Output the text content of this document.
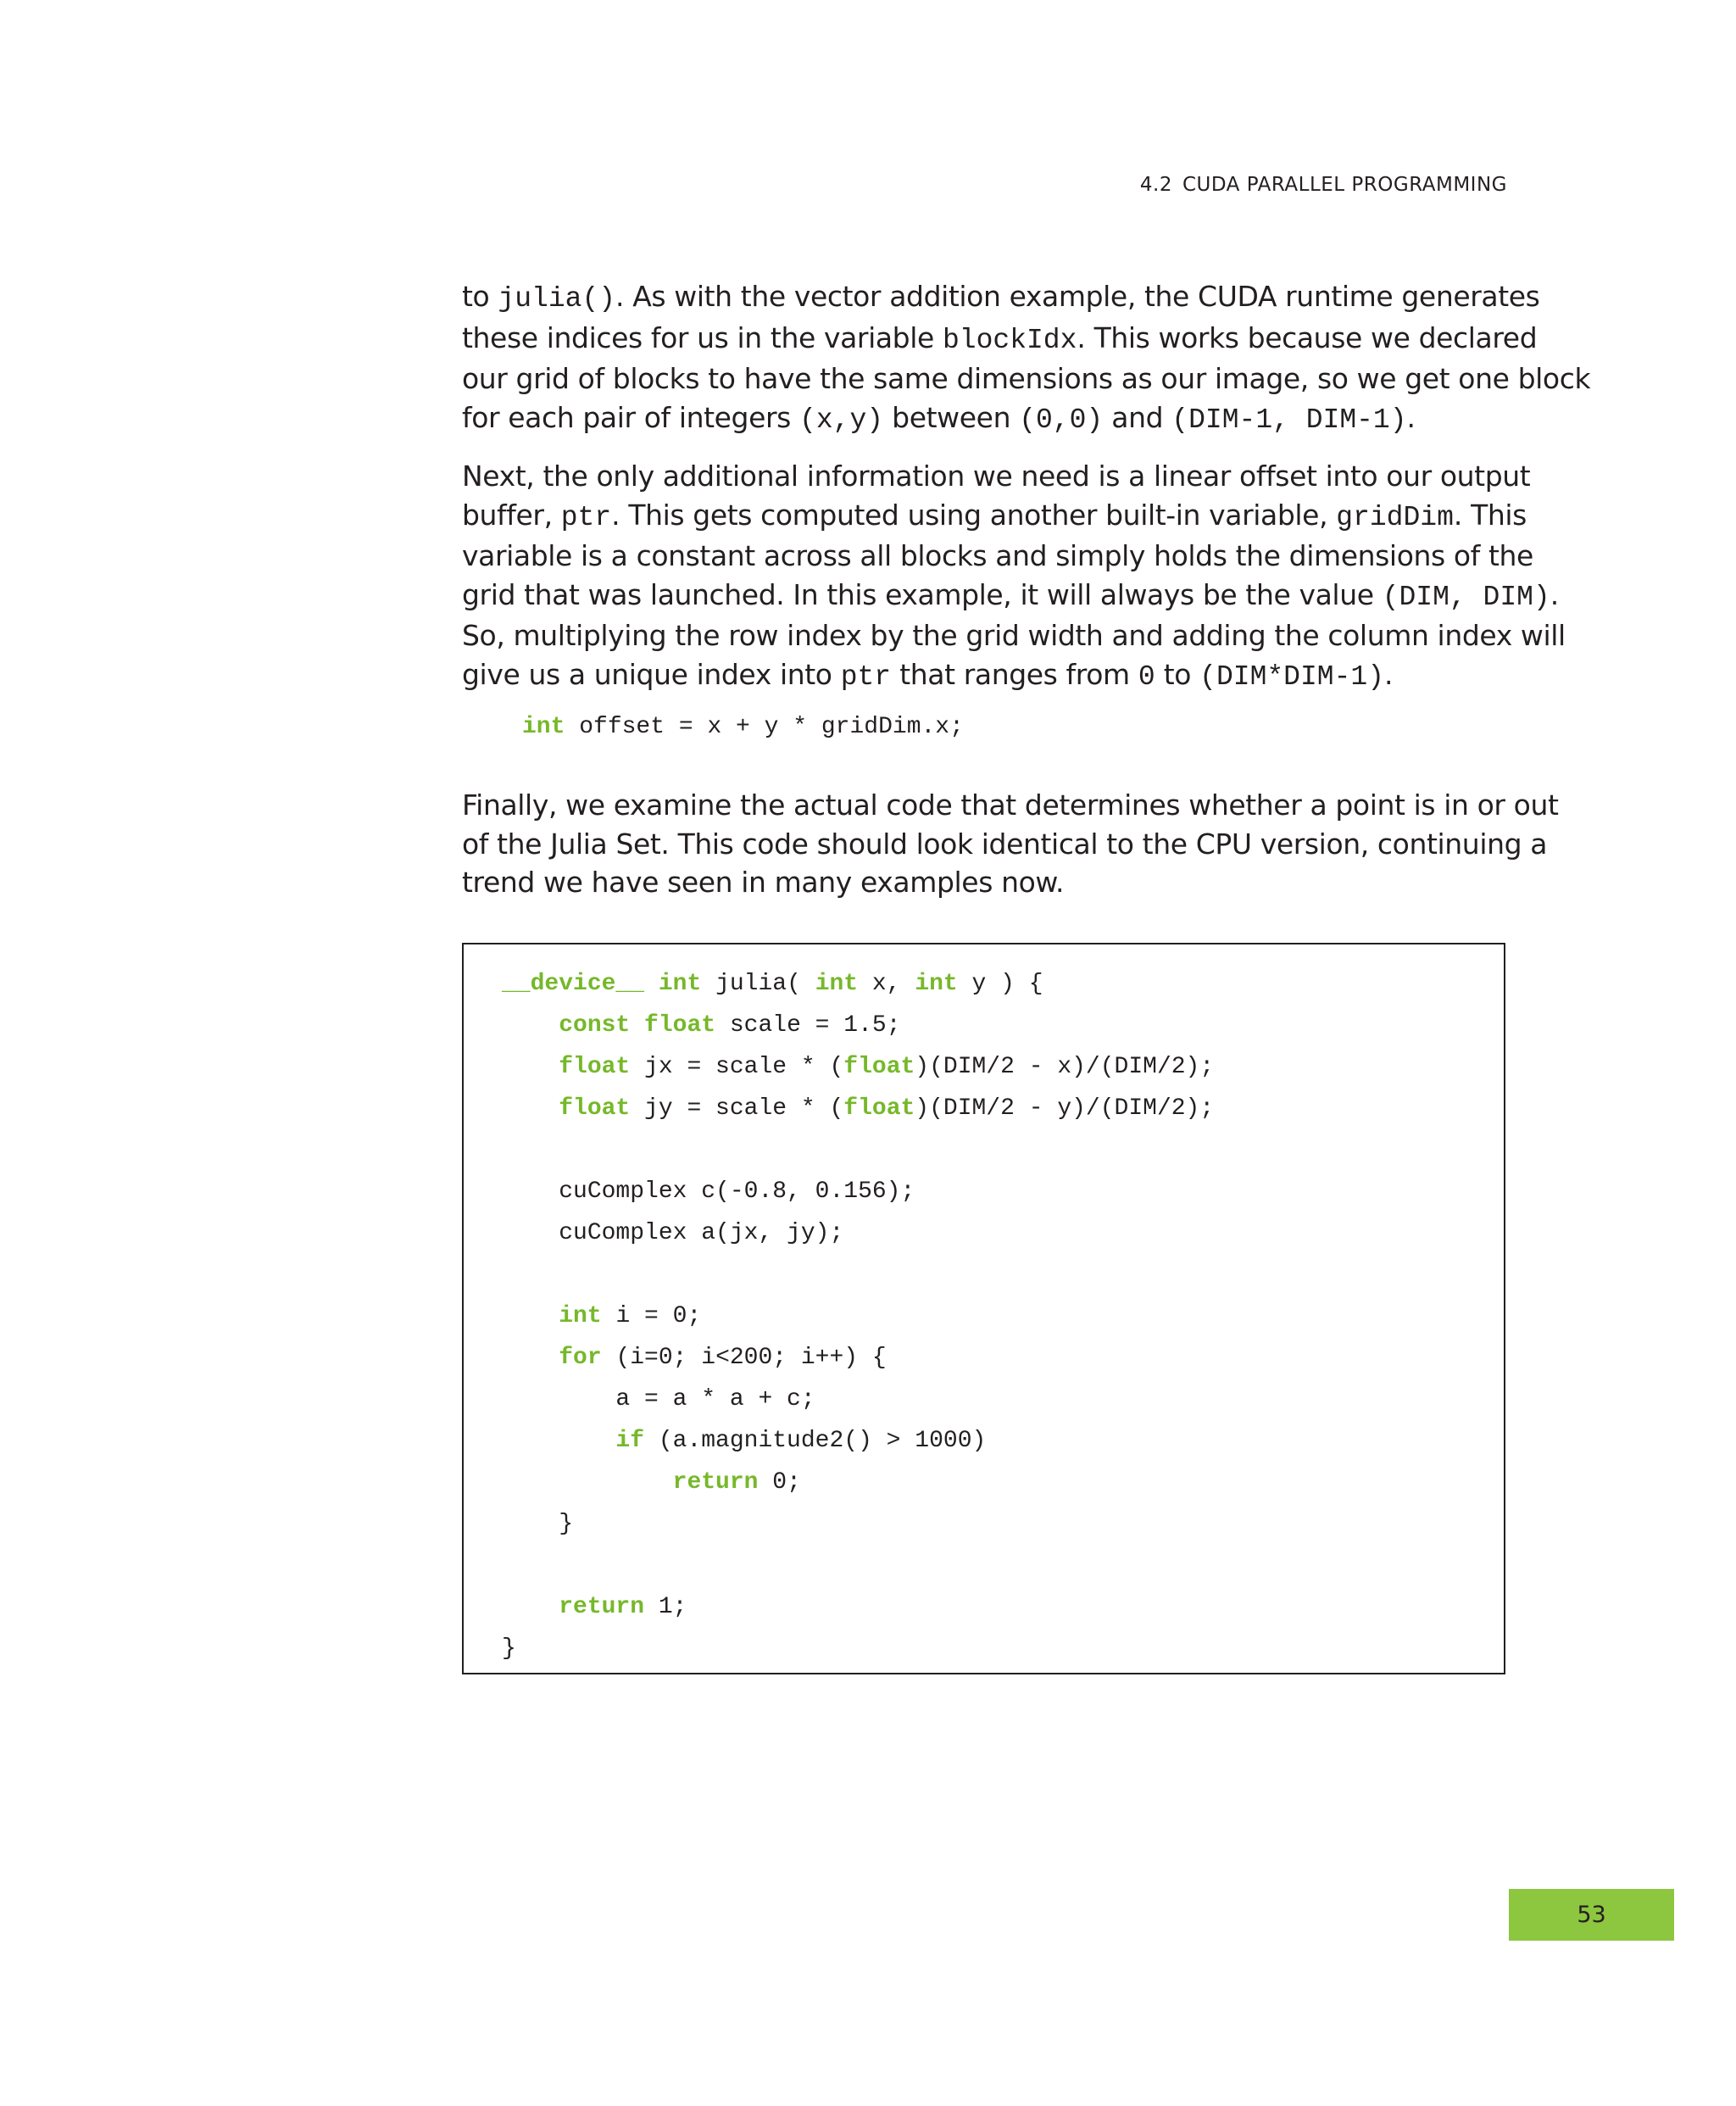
4.2 CUDA PARALLEL PROGRAMMING

to julia(). As with the vector addition example, the CUDA runtime generates

these indices for us in the variable blockIdx. This works because we declared

our grid of blocks to have the same dimensions as our image, so we get one block

for each pair of integers (x,y) between (0,0) and (DIM-1, DIM-1).

Next, the only additional information we need is a linear offset into our output

buffer, ptr. This gets computed using another built-in variable, gridDim. This

variable is a constant across all blocks and simply holds the dimensions of the

grid that was launched. In this example, it will always be the value (DIM, DIM).

So, multiplying the row index by the grid width and adding the column index will

give us a unique index into ptr that ranges from 0 to (DIM*DIM-1).

int offset = x + y * gridDim.x;

Finally, we examine the actual code that determines whether a point is in or out

of the Julia Set. This code should look identical to the CPU version, continuing a

trend we have seen in many examples now.

__device__ int julia( int x, int y ) {
const float scale = 1.5;
float jx = scale * (float)(DIM/2 - x)/(DIM/2);
float jy = scale * (float)(DIM/2 - y)/(DIM/2);
cuComplex c(-0.8, 0.156);
cuComplex a(jx, jy);
int i = 0;
for (i=0; i<200; i++) {
a = a * a + c;
if (a.magnitude2() > 1000)
return 0;
}
return 1;
}
53
